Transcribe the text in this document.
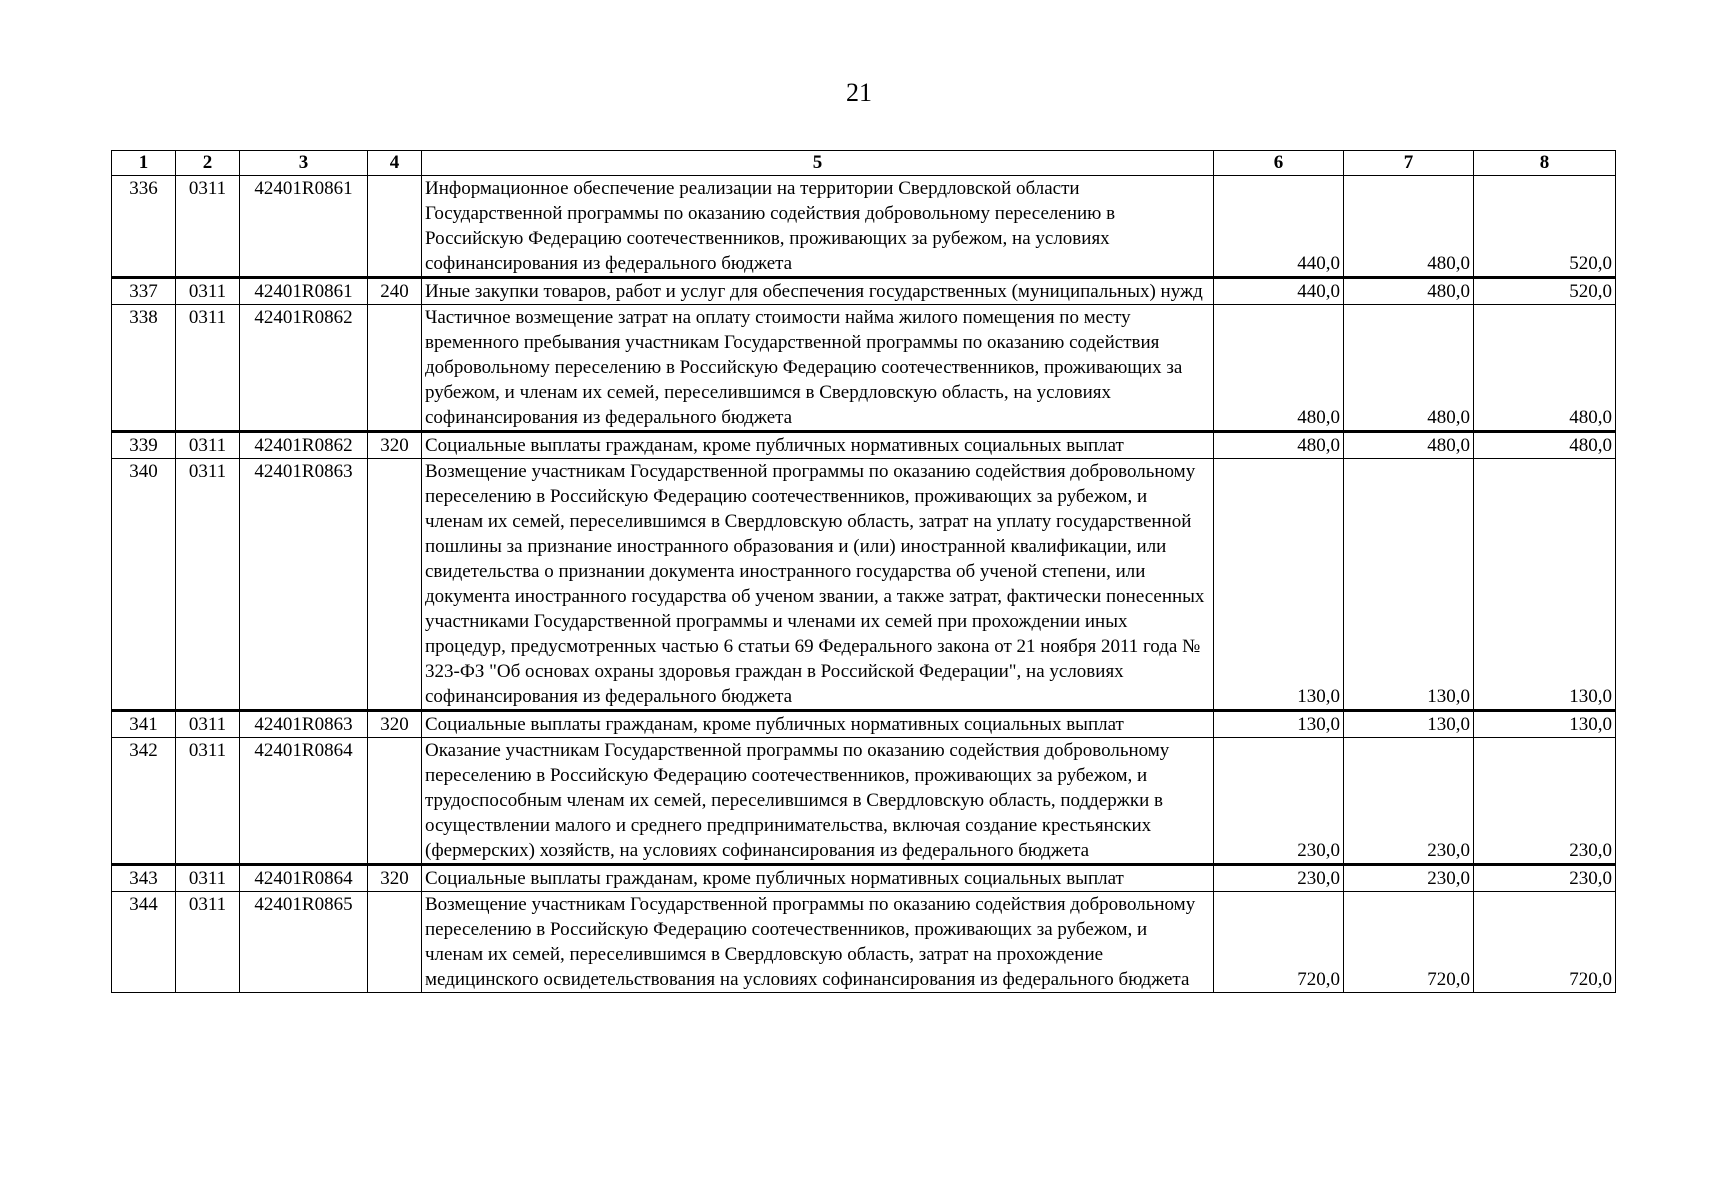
21
1	2	3	4	5	6	7	8
336	0311	42401R0861		Информационное обеспечение реализации на территории Свердловской области Государственной программы по оказанию содействия добровольному переселению в Российскую Федерацию соотечественников, проживающих за рубежом, на условиях софинансирования из федерального бюджета	440,0	480,0	520,0
337	0311	42401R0861	240	Иные закупки товаров, работ и услуг для обеспечения государственных (муниципальных) нужд	440,0	480,0	520,0
338	0311	42401R0862		Частичное возмещение затрат на оплату стоимости найма жилого помещения по месту временного пребывания участникам Государственной программы по оказанию содействия добровольному переселению в Российскую Федерацию соотечественников, проживающих за рубежом, и членам их семей, переселившимся в Свердловскую область, на условиях софинансирования из федерального бюджета	480,0	480,0	480,0
339	0311	42401R0862	320	Социальные выплаты гражданам, кроме публичных нормативных социальных выплат	480,0	480,0	480,0
340	0311	42401R0863		Возмещение участникам Государственной программы по оказанию содействия добровольному переселению в Российскую Федерацию соотечественников, проживающих за рубежом, и членам их семей, переселившимся в Свердловскую область, затрат на уплату государственной пошлины за признание иностранного образования и (или) иностранной квалификации, или свидетельства о признании документа иностранного государства об ученой степени, или документа иностранного государства об ученом звании, а также затрат, фактически понесенных участниками Государственной программы и членами их семей при прохождении иных процедур, предусмотренных частью 6 статьи 69 Федерального закона от 21 ноября 2011 года № 323-ФЗ "Об основах охраны здоровья граждан в Российской Федерации", на условиях софинансирования из федерального бюджета	130,0	130,0	130,0
341	0311	42401R0863	320	Социальные выплаты гражданам, кроме публичных нормативных социальных выплат	130,0	130,0	130,0
342	0311	42401R0864		Оказание участникам Государственной программы по оказанию содействия добровольному переселению в Российскую Федерацию соотечественников, проживающих за рубежом, и трудоспособным членам их семей, переселившимся в Свердловскую область, поддержки в осуществлении малого и среднего предпринимательства, включая создание крестьянских (фермерских) хозяйств, на условиях софинансирования из федерального бюджета	230,0	230,0	230,0
343	0311	42401R0864	320	Социальные выплаты гражданам, кроме публичных нормативных социальных выплат	230,0	230,0	230,0
344	0311	42401R0865		Возмещение участникам Государственной программы по оказанию содействия добровольному переселению в Российскую Федерацию соотечественников, проживающих за рубежом, и членам их семей, переселившимся в Свердловскую область, затрат на прохождение медицинского освидетельствования на условиях софинансирования из федерального бюджета	720,0	720,0	720,0
